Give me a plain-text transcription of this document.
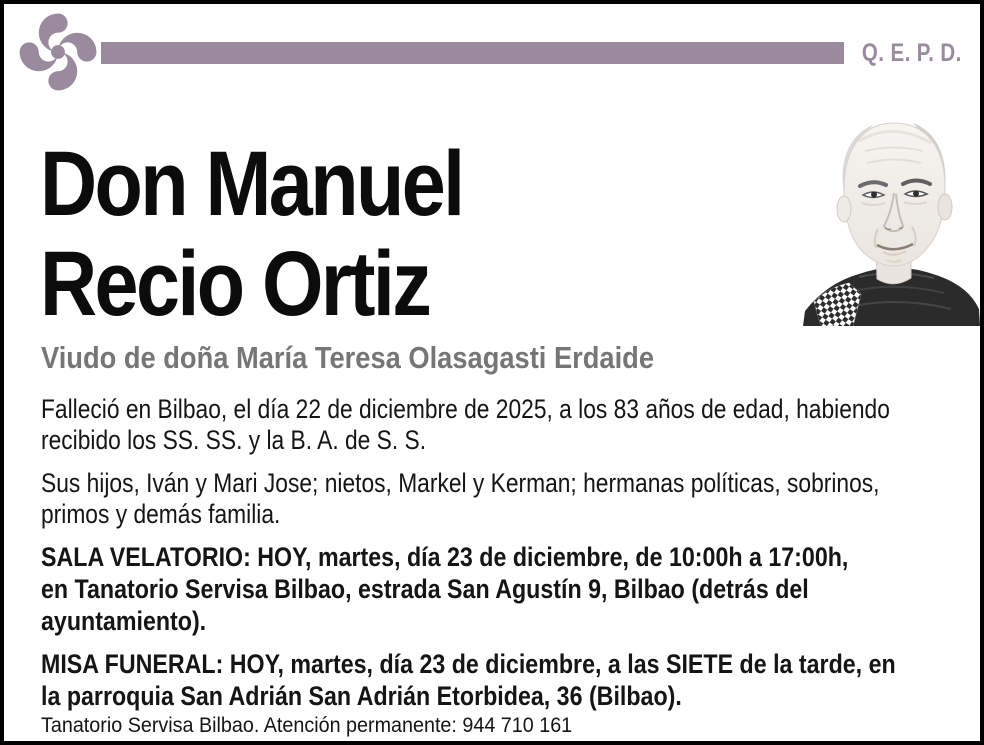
Q. E. P. D.
Don Manuel
Recio Ortiz
Viudo de doña María Teresa Olasagasti Erdaide
Falleció en Bilbao, el día 22 de diciembre de 2025, a los 83 años de edad, habiendo
recibido los SS. SS. y la B. A. de S. S.
Sus hijos, Iván y Mari Jose; nietos, Markel y Kerman; hermanas políticas, sobrinos,
primos y demás familia.
SALA VELATORIO: HOY, martes, día 23 de diciembre, de 10:00h a 17:00h,
en Tanatorio Servisa Bilbao, estrada San Agustín 9, Bilbao (detrás del
ayuntamiento).
MISA FUNERAL: HOY, martes, día 23 de diciembre, a las SIETE de la tarde, en
la parroquia San Adrián San Adrián Etorbidea, 36 (Bilbao).
Tanatorio Servisa Bilbao. Atención permanente: 944 710 161
